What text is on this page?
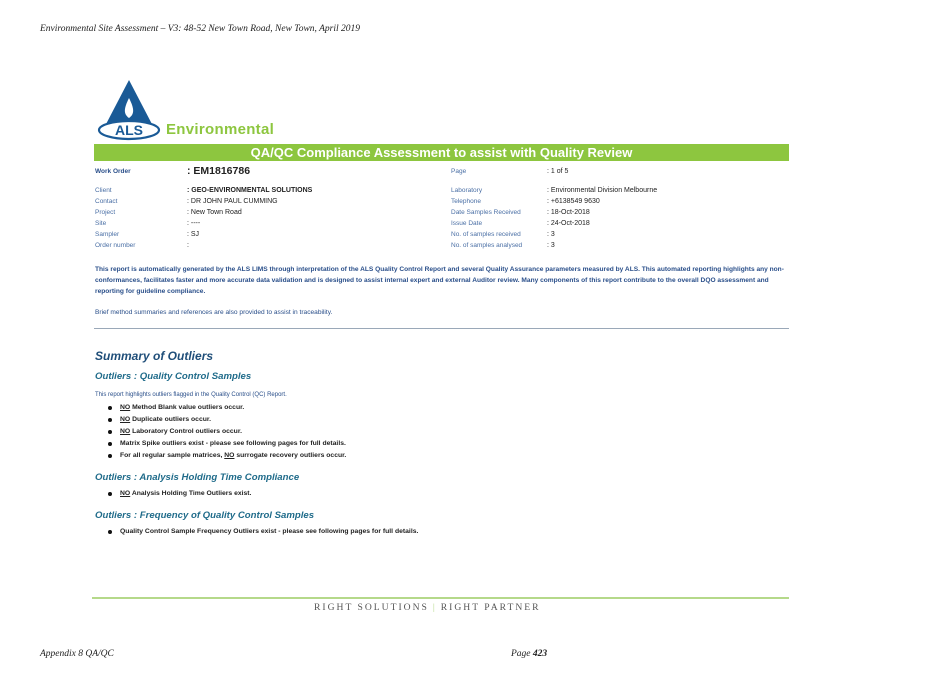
Environmental Site Assessment – V3: 48-52 New Town Road, New Town, April 2019
ALS Environmental
QA/QC Compliance Assessment to assist with Quality Review
Work Order	: EM1816786
Client	: GEO-ENVIRONMENTAL SOLUTIONS
Contact	: DR JOHN PAUL CUMMING
Project	: New Town Road
Site	: ----
Sampler	: SJ
Order number	:
Page	: 1 of 5
Laboratory	: Environmental Division Melbourne
Telephone	: +6138549 9630
Date Samples Received	: 18-Oct-2018
Issue Date	: 24-Oct-2018
No. of samples received	: 3
No. of samples analysed	: 3
This report is automatically generated by the ALS LIMS through interpretation of the ALS Quality Control Report and several Quality Assurance parameters measured by ALS. This automated reporting highlights any non-conformances, facilitates faster and more accurate data validation and is designed to assist internal expert and external Auditor review. Many components of this report contribute to the overall DQO assessment and reporting for guideline compliance.
Brief method summaries and references are also provided to assist in traceability.
Summary of Outliers
Outliers : Quality Control Samples
This report highlights outliers flagged in the Quality Control (QC) Report.
NO Method Blank value outliers occur.
NO Duplicate outliers occur.
NO Laboratory Control outliers occur.
Matrix Spike outliers exist - please see following pages for full details.
For all regular sample matrices, NO surrogate recovery outliers occur.
Outliers : Analysis Holding Time Compliance
NO Analysis Holding Time Outliers exist.
Outliers : Frequency of Quality Control Samples
Quality Control Sample Frequency Outliers exist - please see following pages for full details.
RIGHT SOLUTIONS | RIGHT PARTNER
Appendix 8 QA/QC	Page 423
